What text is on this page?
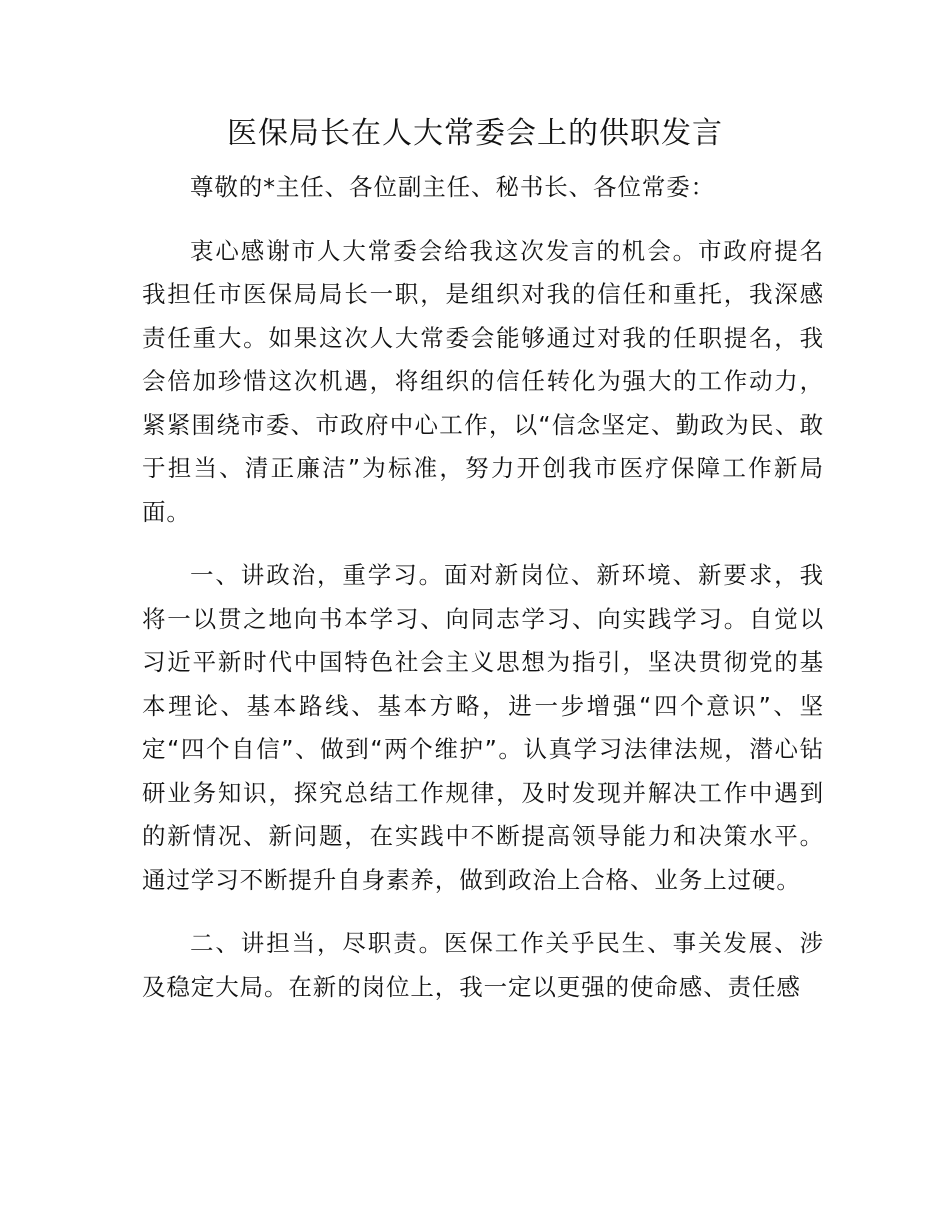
医保局长在人大常委会上的供职发言

尊敬的*主任、各位副主任、秘书长、各位常委：

衷心感谢市人大常委会给我这次发言的机会。市政府提名我担任市医保局局长一职，是组织对我的信任和重托，我深感责任重大。如果这次人大常委会能够通过对我的任职提名，我会倍加珍惜这次机遇，将组织的信任转化为强大的工作动力，紧紧围绕市委、市政府中心工作，以“信念坚定、勤政为民、敢于担当、清正廉洁”为标准，努力开创我市医疗保障工作新局面。

一、讲政治，重学习。面对新岗位、新环境、新要求，我将一以贯之地向书本学习、向同志学习、向实践学习。自觉以习近平新时代中国特色社会主义思想为指引，坚决贯彻党的基本理论、基本路线、基本方略，进一步增强“四个意识”、坚定“四个自信”、做到“两个维护”。认真学习法律法规，潜心钻研业务知识，探究总结工作规律，及时发现并解决工作中遇到的新情况、新问题，在实践中不断提高领导能力和决策水平。通过学习不断提升自身素养，做到政治上合格、业务上过硬。

二、讲担当，尽职责。医保工作关乎民生、事关发展、涉及稳定大局。在新的岗位上，我一定以更强的使命感、责任感
